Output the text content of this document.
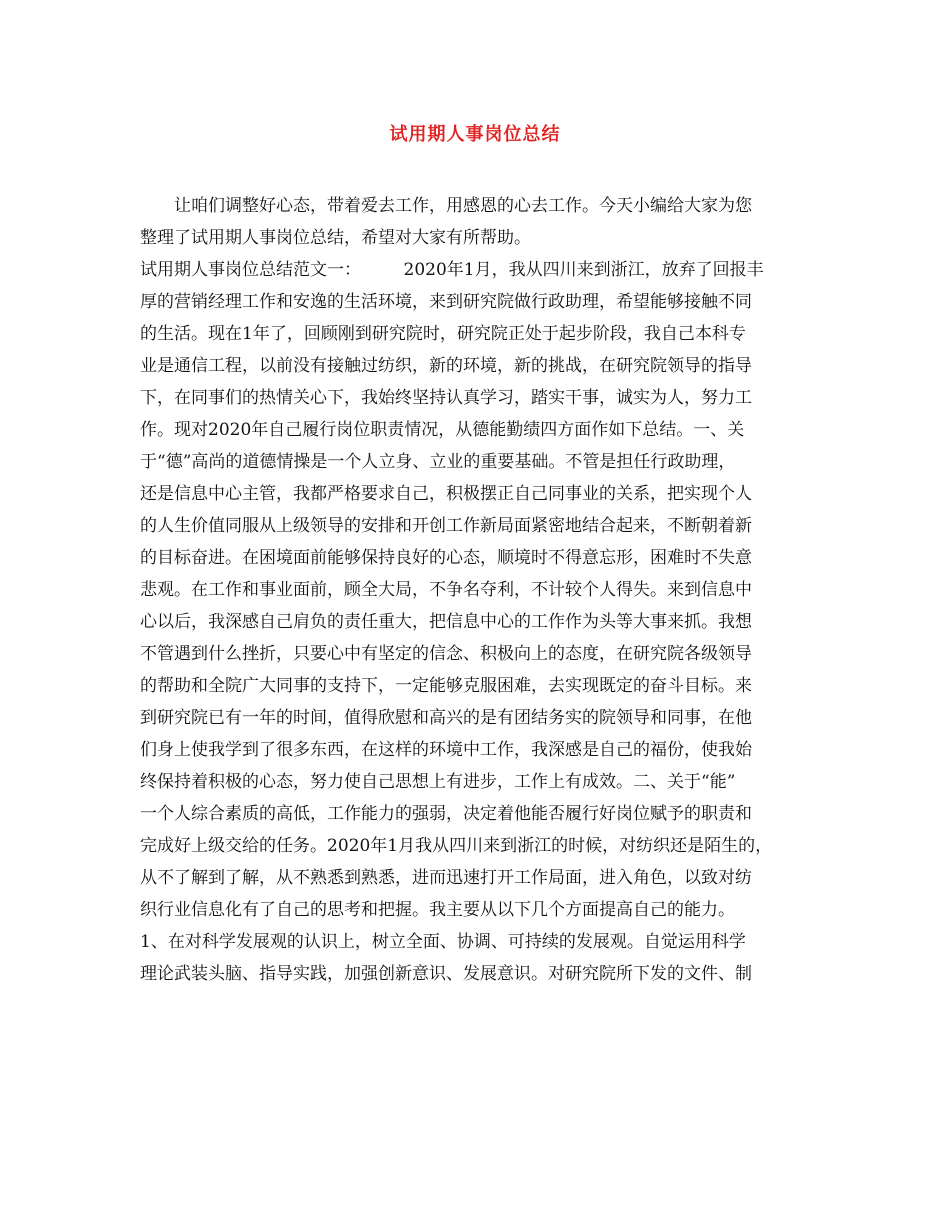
试用期人事岗位总结
让咱们调整好心态，带着爱去工作，用感恩的心去工作。今天小编给大家为您
整理了试用期人事岗位总结，希望对大家有所帮助。
试用期人事岗位总结范文一：　　　2020年1月，我从四川来到浙江，放弃了回报丰
厚的营销经理工作和安逸的生活环境，来到研究院做行政助理，希望能够接触不同
的生活。现在1年了，回顾刚到研究院时，研究院正处于起步阶段，我自己本科专
业是通信工程，以前没有接触过纺织，新的环境，新的挑战，在研究院领导的指导
下，在同事们的热情关心下，我始终坚持认真学习，踏实干事，诚实为人，努力工
作。现对2020年自己履行岗位职责情况，从德能勤绩四方面作如下总结。一、关
于“德”高尚的道德情操是一个人立身、立业的重要基础。不管是担任行政助理，
还是信息中心主管，我都严格要求自己，积极摆正自己同事业的关系，把实现个人
的人生价值同服从上级领导的安排和开创工作新局面紧密地结合起来，不断朝着新
的目标奋进。在困境面前能够保持良好的心态，顺境时不得意忘形，困难时不失意
悲观。在工作和事业面前，顾全大局，不争名夺利，不计较个人得失。来到信息中
心以后，我深感自己肩负的责任重大，把信息中心的工作作为头等大事来抓。我想
不管遇到什么挫折，只要心中有坚定的信念、积极向上的态度，在研究院各级领导
的帮助和全院广大同事的支持下，一定能够克服困难，去实现既定的奋斗目标。来
到研究院已有一年的时间，值得欣慰和高兴的是有团结务实的院领导和同事，在他
们身上使我学到了很多东西，在这样的环境中工作，我深感是自己的福份，使我始
终保持着积极的心态，努力使自己思想上有进步，工作上有成效。二、关于“能”
一个人综合素质的高低，工作能力的强弱，决定着他能否履行好岗位赋予的职责和
完成好上级交给的任务。2020年1月我从四川来到浙江的时候，对纺织还是陌生的，
从不了解到了解，从不熟悉到熟悉，进而迅速打开工作局面，进入角色，以致对纺
织行业信息化有了自己的思考和把握。我主要从以下几个方面提高自己的能力。
1、在对科学发展观的认识上，树立全面、协调、可持续的发展观。自觉运用科学
理论武装头脑、指导实践，加强创新意识、发展意识。对研究院所下发的文件、制
